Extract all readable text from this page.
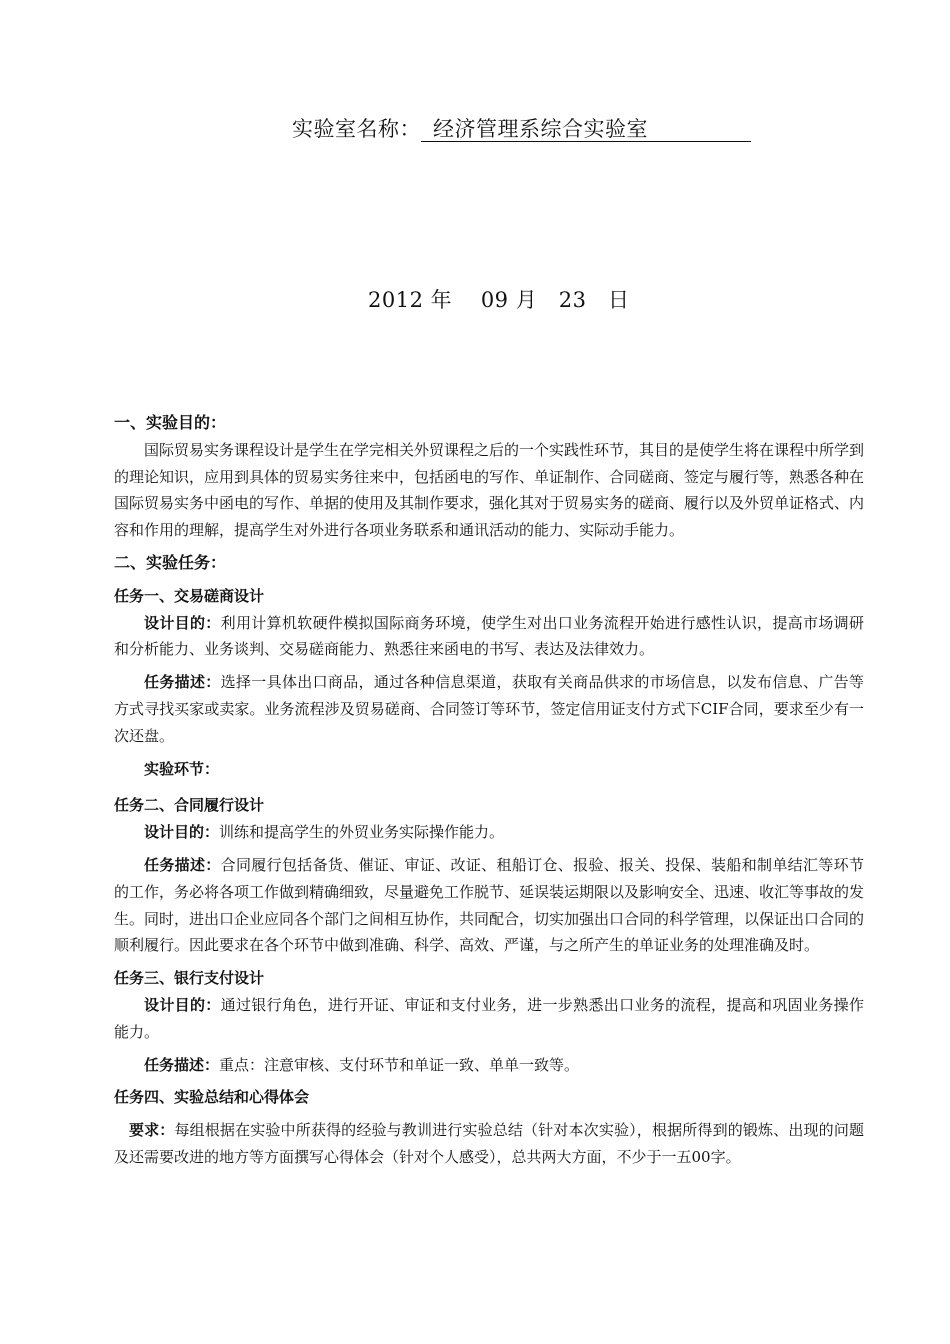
实验室名称： 经济管理系综合实验室
2012 年    09 月   23   日
一、实验目的：

国际贸易实务课程设计是学生在学完相关外贸课程之后的一个实践性环节，其目的是使学生将在课程中所学到的理论知识，应用到具体的贸易实务往来中，包括函电的写作、单证制作、合同磋商、签定与履行等，熟悉各种在国际贸易实务中函电的写作、单据的使用及其制作要求，强化其对于贸易实务的磋商、履行以及外贸单证格式、内容和作用的理解，提高学生对外进行各项业务联系和通讯活动的能力、实际动手能力。

二、实验任务：
任务一、交易磋商设计

设计目的：利用计算机软硬件模拟国际商务环境，使学生对出口业务流程开始进行感性认识，提高市场调研和分析能力、业务谈判、交易磋商能力、熟悉往来函电的书写、表达及法律效力。

任务描述：选择一具体出口商品，通过各种信息渠道，获取有关商品供求的市场信息，以发布信息、广告等方式寻找买家或卖家。业务流程涉及贸易磋商、合同签订等环节，签定信用证支付方式下CIF合同，要求至少有一次还盘。

实验环节：

任务二、合同履行设计

设计目的：训练和提高学生的外贸业务实际操作能力。

任务描述：合同履行包括备货、催证、审证、改证、租船订仓、报验、报关、投保、装船和制单结汇等环节的工作，务必将各项工作做到精确细致，尽量避免工作脱节、延误装运期限以及影响安全、迅速、收汇等事故的发生。同时，进出口企业应同各个部门之间相互协作，共同配合，切实加强出口合同的科学管理，以保证出口合同的顺利履行。因此要求在各个环节中做到准确、科学、高效、严谨，与之所产生的单证业务的处理准确及时。

任务三、银行支付设计

设计目的：通过银行角色，进行开证、审证和支付业务，进一步熟悉出口业务的流程，提高和巩固业务操作能力。

任务描述：重点：注意审核、支付环节和单证一致、单单一致等。

任务四、实验总结和心得体会

要求：每组根据在实验中所获得的经验与教训进行实验总结（针对本次实验），根据所得到的锻炼、出现的问题及还需要改进的地方等方面撰写心得体会（针对个人感受），总共两大方面，不少于一五00字。
